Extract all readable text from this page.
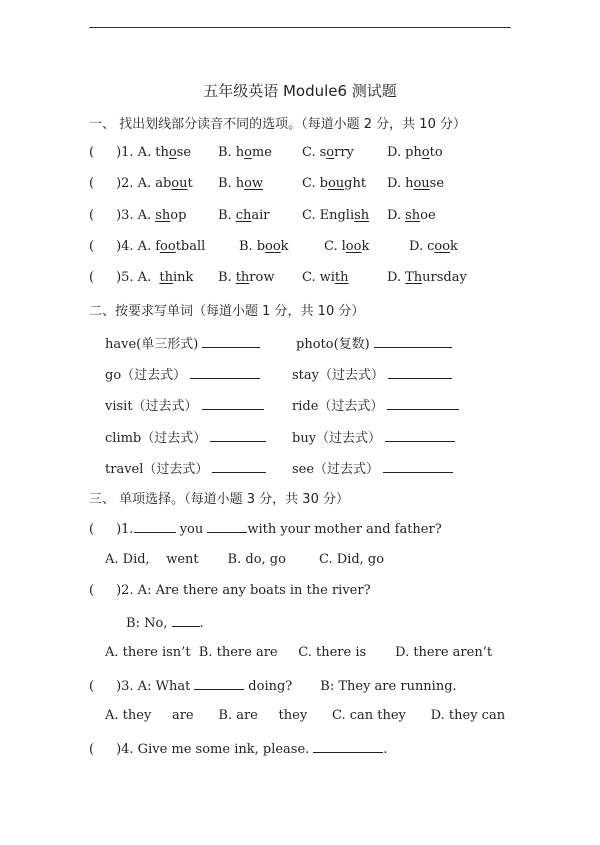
五年级英语 Module6 测试题
一、 找出划线部分读音不同的选项。（每道小题 2 分，共 10 分）
( )1. A. those B. home C. sorry	D. photo
( )2. A. about B. how	C. bought D. house
( )3. A. shop B. chair	C. English D. shoe
( )4. A. football	B. book	C. look	D. cook
( )5. A. think B. throw C. with	D. Thursday
二、按要求写单词（每道小题 1 分，共 10 分）
have(单三形式)	photo(复数)
go（过去式）	stay（过去式）
visit（过去式）	ride（过去式）
climb（过去式）	buy（过去式）
travel（过去式）	see（过去式）
三、 单项选择。（每道小题 3 分，共 30 分）
( )1.	you	with your mother and father?
A. Did,    went       B. do, go        C. Did, go
( )2. A: Are there any boats in the river?
B: No, .
A. there isn’t  B. there are     C. there is       D. there aren’t
( )3. A: What	doing? B: They are running.
A. they     are      B. are     they      C. can they      D. they can
( )4. Give me some ink, please.	.
